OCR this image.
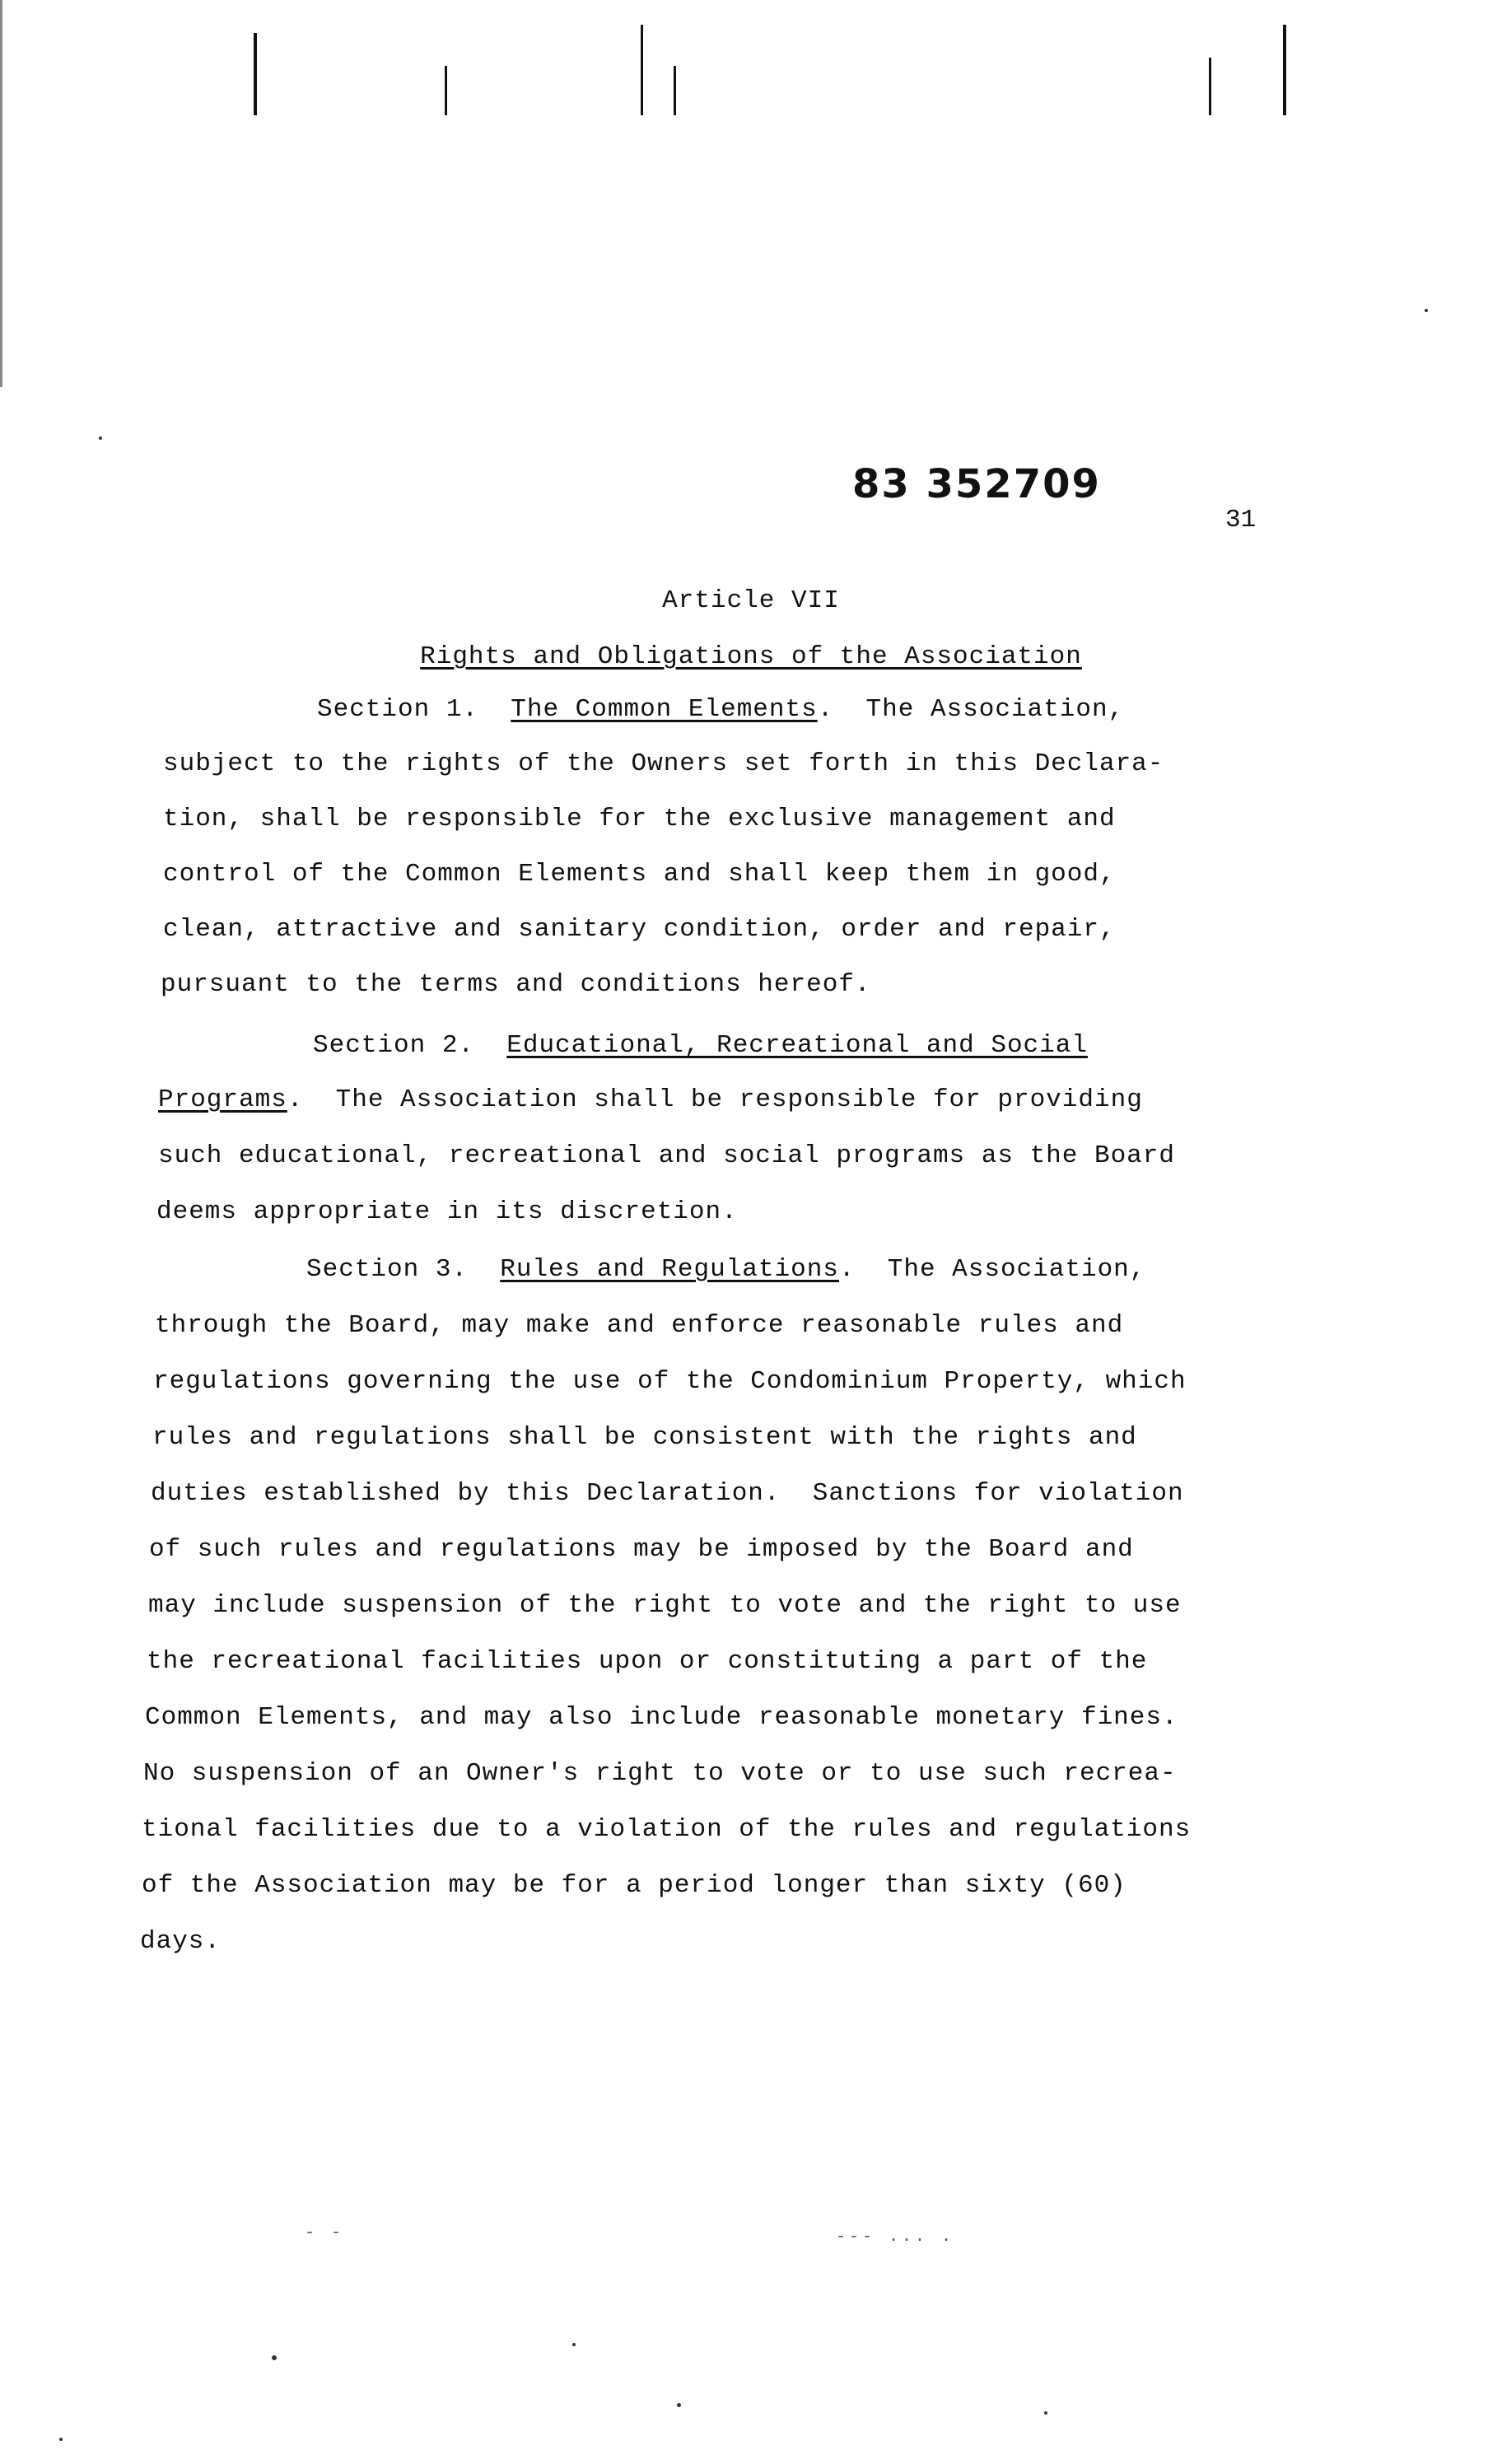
83 352709
31
Article VII
Rights and Obligations of the Association
Section 1. The Common Elements.  The Association,
subject to the rights of the Owners set forth in this Declara-
tion, shall be responsible for the exclusive management and
control of the Common Elements and shall keep them in good,
clean, attractive and sanitary condition, order and repair,
pursuant to the terms and conditions hereof.
Section 2. Educational, Recreational and Social
Programs.  The Association shall be responsible for providing
such educational, recreational and social programs as the Board
deems appropriate in its discretion.
Section 3. Rules and Regulations.  The Association,
through the Board, may make and enforce reasonable rules and
regulations governing the use of the Condominium Property, which
rules and regulations shall be consistent with the rights and
duties established by this Declaration.  Sanctions for violation
of such rules and regulations may be imposed by the Board and
may include suspension of the right to vote and the right to use
the recreational facilities upon or constituting a part of the
Common Elements, and may also include reasonable monetary fines.
No suspension of an Owner's right to vote or to use such recrea-
tional facilities due to a violation of the rules and regulations
of the Association may be for a period longer than sixty (60)
days.
- -	--- ... .
